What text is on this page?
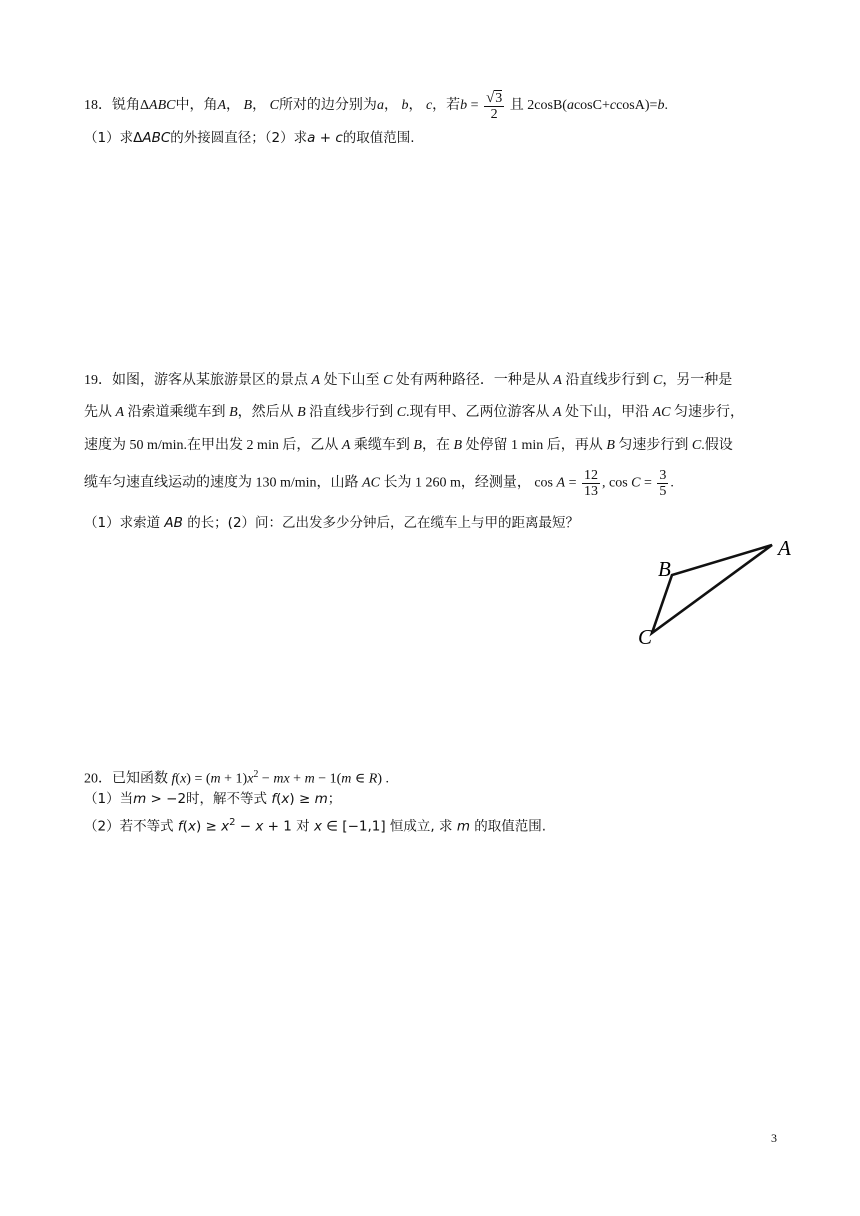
18．锐角ΔABC中，角A， B， C所对的边分别为a， b， c，若$b = \frac{√3}{2}$ 且 2cosB(acosC+ccosA)=b.
（1）求ΔABC的外接圆直径；（2）求a + c的取值范围.
19．如图，游客从某旅游景区的景点 A 处下山至 C 处有两种路径．一种是从 A 沿直线步行到 C，另一种是
先从 A 沿索道乘缆车到 B，然后从 B 沿直线步行到 C.现有甲、乙两位游客从 A 处下山，甲沿 AC 匀速步行，
速度为 50 m/min.在甲出发 2 min 后，乙从 A 乘缆车到 B，在 B 处停留 1 min 后，再从 B 匀速步行到 C.假设
缆车匀速直线运动的速度为 130 m/min，山路 AC 长为 1 260 m，经测量， $\cos A = \frac{12}{13}$ , $\cos C = \frac{3}{5}$ .
（1）求索道 AB 的长；(2）问：乙出发多少分钟后，乙在缆车上与甲的距离最短？
A
B
C
20．已知函数 $f(x) = (m + 1)x^2$ − mx + m − 1(m ∈ R) .
（1）当m > −2时，解不等式 f(x) ≥ m；
（2）若不等式 $f(x) \ge x^2 - x + 1$ 对 x ∈ [−1,1] 恒成立, 求 m 的取值范围.
3
